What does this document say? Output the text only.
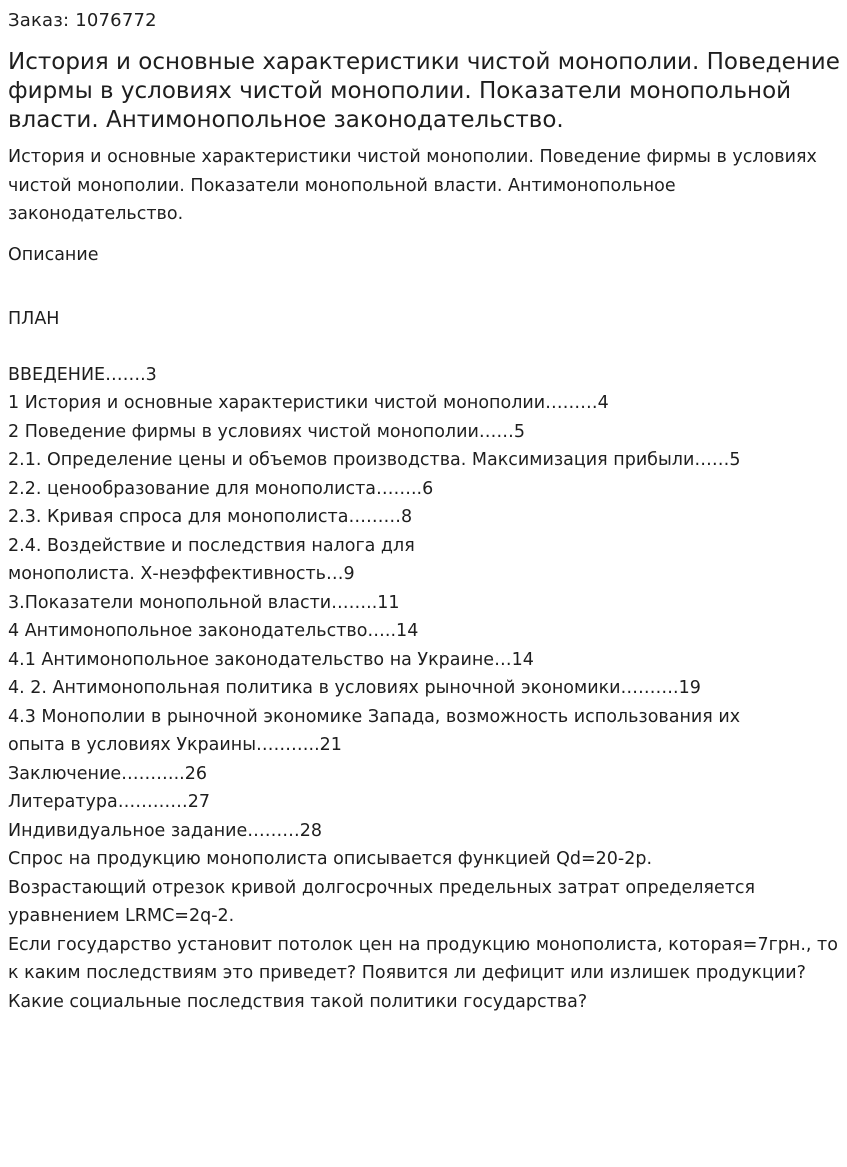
Заказ: 1076772
История и основные характеристики чистой монополии. Поведение фирмы в условиях чистой монополии. Показатели монопольной власти. Антимонопольное законодательство.
История и основные характеристики чистой монополии. Поведение фирмы в условиях чистой монополии. Показатели монопольной власти. Антимонопольное законодательство.
Описание
ПЛАН
ВВЕДЕНИЕ…….3
1 История и основные характеристики чистой монополии………4
2 Поведение фирмы в условиях чистой монополии……5
2.1. Определение цены и объемов производства. Максимизация прибыли……5
2.2. ценообразование для монополиста……..6
2.3. Кривая спроса для монополиста………8
2.4. Воздействие и последствия налога для
монополиста. Х-неэффективность…9
3.Показатели монопольной власти……..11
4 Антимонопольное законодательство…..14
4.1 Антимонопольное законодательство на Украине…14
4. 2. Антимонопольная политика в условиях рыночной экономики……….19
4.3 Монополии в рыночной экономике Запада, возможность использования их
опыта в условиях Украины………..21
Заключение………..26
Литература…………27
Индивидуальное задание………28
Спрос на продукцию монополиста описывается функцией Qd=20-2p.
Возрастающий отрезок кривой долгосрочных предельных затрат определяется уравнением LRMC=2q-2.
Если государство установит потолок цен на продукцию монополиста, которая=7грн., то к каким последствиям это приведет? Появится ли дефицит или излишек продукции? Какие социальные последствия такой политики государства?
